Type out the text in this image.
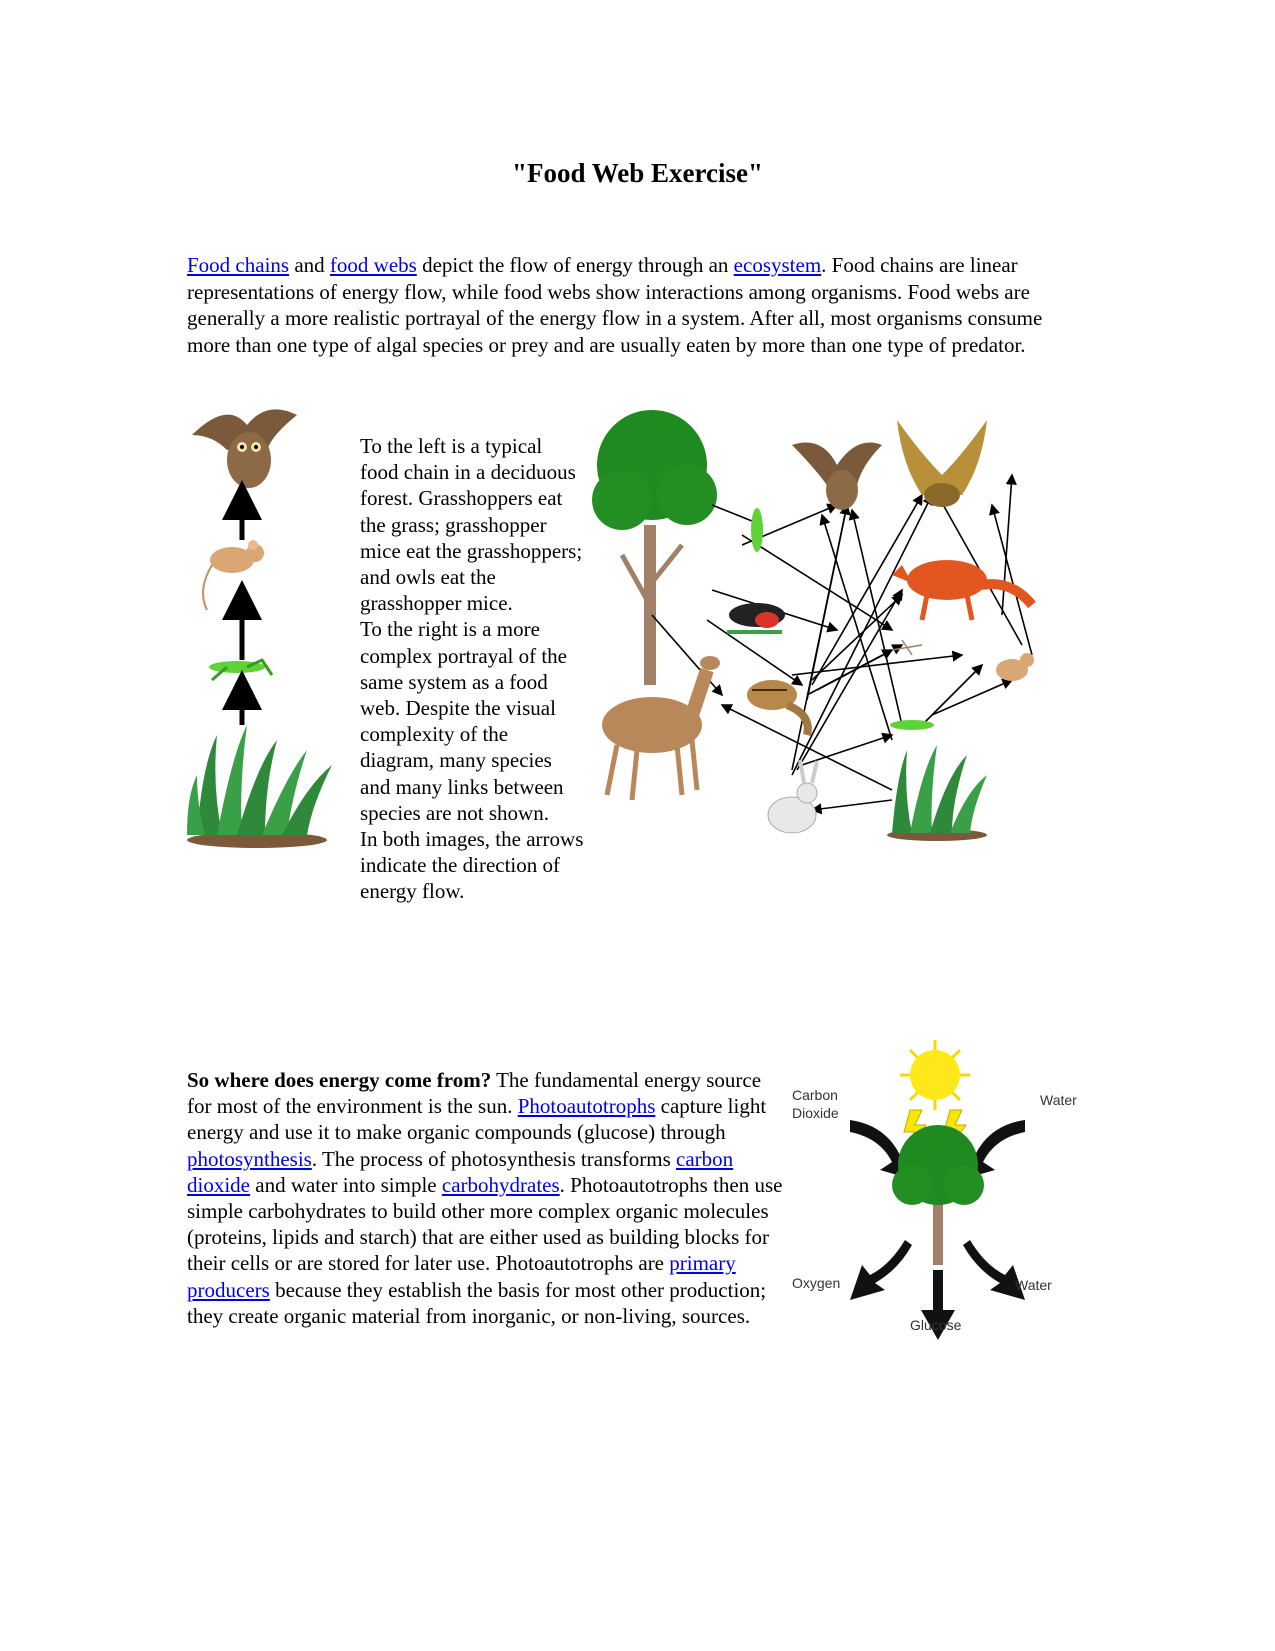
"Food Web Exercise"

Food chains and food webs depict the flow of energy through an ecosystem. Food chains are linear representations of energy flow, while food webs show interactions among organisms. Food webs are generally a more realistic portrayal of the energy flow in a system. After all, most organisms consume more than one type of algal species or prey and are usually eaten by more than one type of predator.

To the left is a typical food chain in a deciduous forest. Grasshoppers eat the grass; grasshopper mice eat the grasshoppers; and owls eat the grasshopper mice.
To the right is a more complex portrayal of the same system as a food web. Despite the visual complexity of the diagram, many species and many links between species are not shown.
In both images, the arrows indicate the direction of energy flow.

So where does energy come from? The fundamental energy source for most of the environment is the sun. Photoautotrophs capture light energy and use it to make organic compounds (glucose) through photosynthesis. The process of photosynthesis transforms carbon dioxide and water into simple carbohydrates. Photoautotrophs then use simple carbohydrates to build other more complex organic molecules (proteins, lipids and starch) that are either used as building blocks for their cells or are stored for later use. Photoautotrophs are primary producers because they establish the basis for most other production; they create organic material from inorganic, or non-living, sources.

Carbon
Dioxide
Water
Oxygen	Water
Glucose
